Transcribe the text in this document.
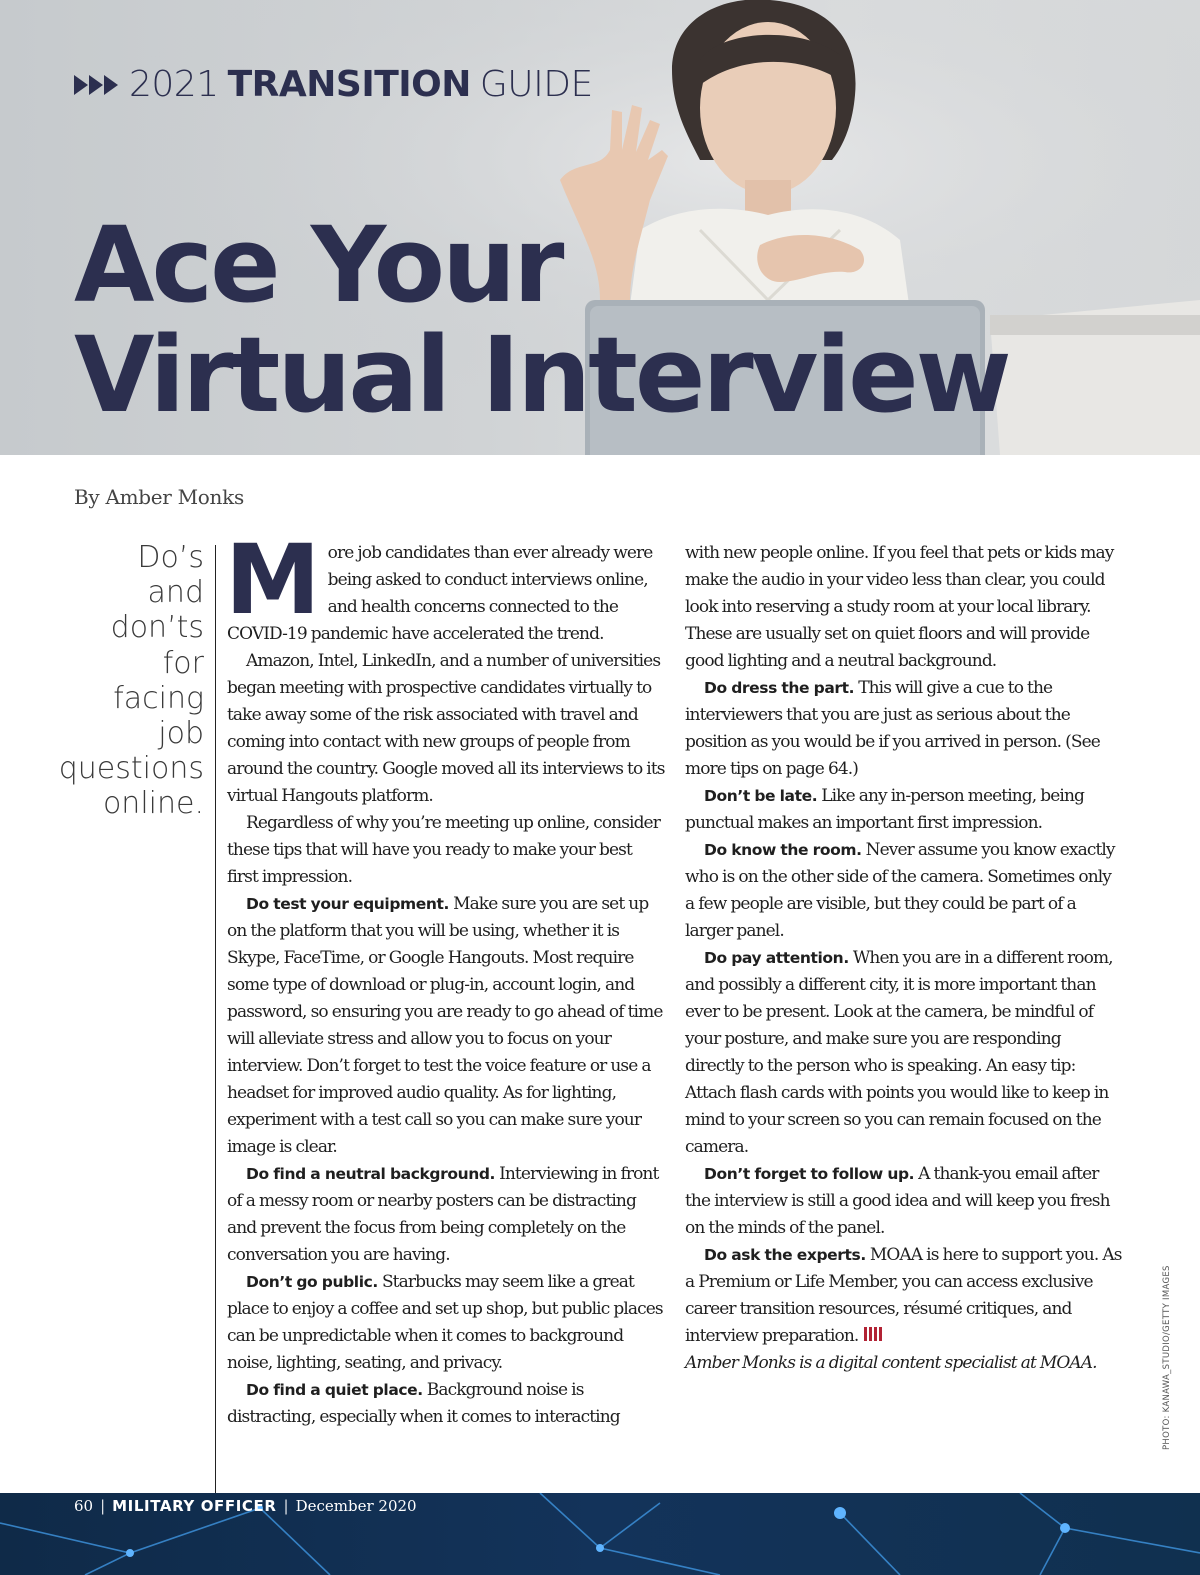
2021 TRANSITION GUIDE
Ace Your
Virtual Interview
By Amber Monks
Do’s
and
don’ts
for
facing
job
questions
online.

More job candidates than ever already were being asked to conduct interviews online, and health concerns connected to the COVID-19 pandemic have accelerated the trend.

Amazon, Intel, LinkedIn, and a number of universities began meeting with prospective candidates virtually to take away some of the risk associated with travel and coming into contact with new groups of people from around the country. Google moved all its interviews to its virtual Hangouts platform.

Regardless of why you’re meeting up online, consider these tips that will have you ready to make your best first impression.

Do test your equipment. Make sure you are set up on the platform that you will be using, whether it is Skype, FaceTime, or Google Hangouts. Most require some type of download or plug-in, account login, and password, so ensuring you are ready to go ahead of time will alleviate stress and allow you to focus on your interview. Don’t forget to test the voice feature or use a headset for improved audio quality. As for lighting, experiment with a test call so you can make sure your image is clear.

Do find a neutral background. Interviewing in front of a messy room or nearby posters can be distracting and prevent the focus from being completely on the conversation you are having.

Don’t go public. Starbucks may seem like a great place to enjoy a coffee and set up shop, but public places can be unpredictable when it comes to background noise, lighting, seating, and privacy.

Do find a quiet place. Background noise is distracting, especially when it comes to interacting

with new people online. If you feel that pets or kids may make the audio in your video less than clear, you could look into reserving a study room at your local library. These are usually set on quiet floors and will provide good lighting and a neutral background.

Do dress the part. This will give a cue to the interviewers that you are just as serious about the position as you would be if you arrived in person. (See more tips on page 64.)

Don’t be late. Like any in-person meeting, being punctual makes an important first impression.

Do know the room. Never assume you know exactly who is on the other side of the camera. Sometimes only a few people are visible, but they could be part of a larger panel.

Do pay attention. When you are in a different room, and possibly a different city, it is more important than ever to be present. Look at the camera, be mindful of your posture, and make sure you are responding directly to the person who is speaking. An easy tip: Attach flash cards with points you would like to keep in mind to your screen so you can remain focused on the camera.

Don’t forget to follow up. A thank-you email after the interview is still a good idea and will keep you fresh on the minds of the panel.

Do ask the experts. MOAA is here to support you. As a Premium or Life Member, you can access exclusive career transition resources, résumé critiques, and interview preparation.

Amber Monks is a digital content specialist at MOAA.	PHOTO: KANAWA_STUDIO/GETTY IMAGES
60 | MILITARY OFFICER | December 2020
